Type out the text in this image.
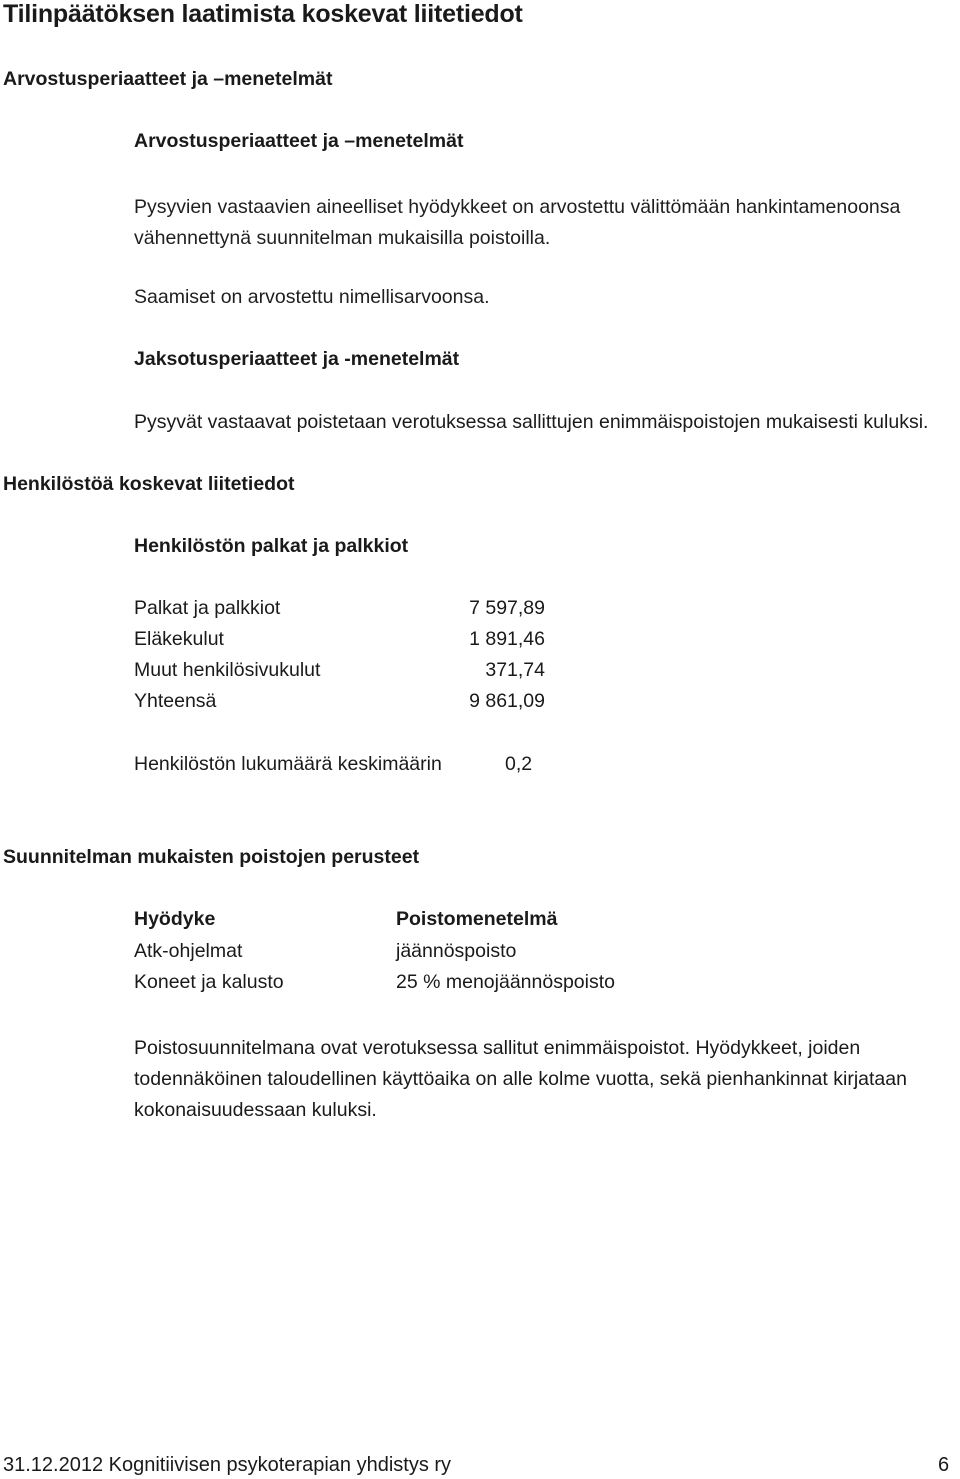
Tilinpäätöksen laatimista koskevat liitetiedot
Arvostusperiaatteet ja –menetelmät
Arvostusperiaatteet ja –menetelmät
Pysyvien vastaavien aineelliset hyödykkeet on arvostettu välittömään hankintamenoonsa vähennettynä suunnitelman mukaisilla poistoilla.
Saamiset on arvostettu nimellisarvoonsa.
Jaksotusperiaatteet ja -menetelmät
Pysyvät vastaavat poistetaan verotuksessa sallittujen enimmäispoistojen mukaisesti kuluksi.
Henkilöstöä koskevat liitetiedot
Henkilöstön palkat ja palkkiot
Palkat ja palkkiot	7 597,89
Eläkekulut	1 891,46
Muut henkilösivukulut	371,74
Yhteensä	9 861,09
Henkilöstön lukumäärä keskimäärin	0,2
Suunnitelman mukaisten poistojen perusteet
Hyödyke	Poistomenetelmä
Atk-ohjelmat	jäännöspoisto
Koneet ja kalusto	25 % menojäännöspoisto
Poistosuunnitelmana ovat verotuksessa sallitut enimmäispoistot. Hyödykkeet, joiden todennäköinen taloudellinen käyttöaika on alle kolme vuotta, sekä pienhankinnat kirjataan kokonaisuudessaan kuluksi.
31.12.2012 Kognitiivisen psykoterapian yhdistys ry	6
